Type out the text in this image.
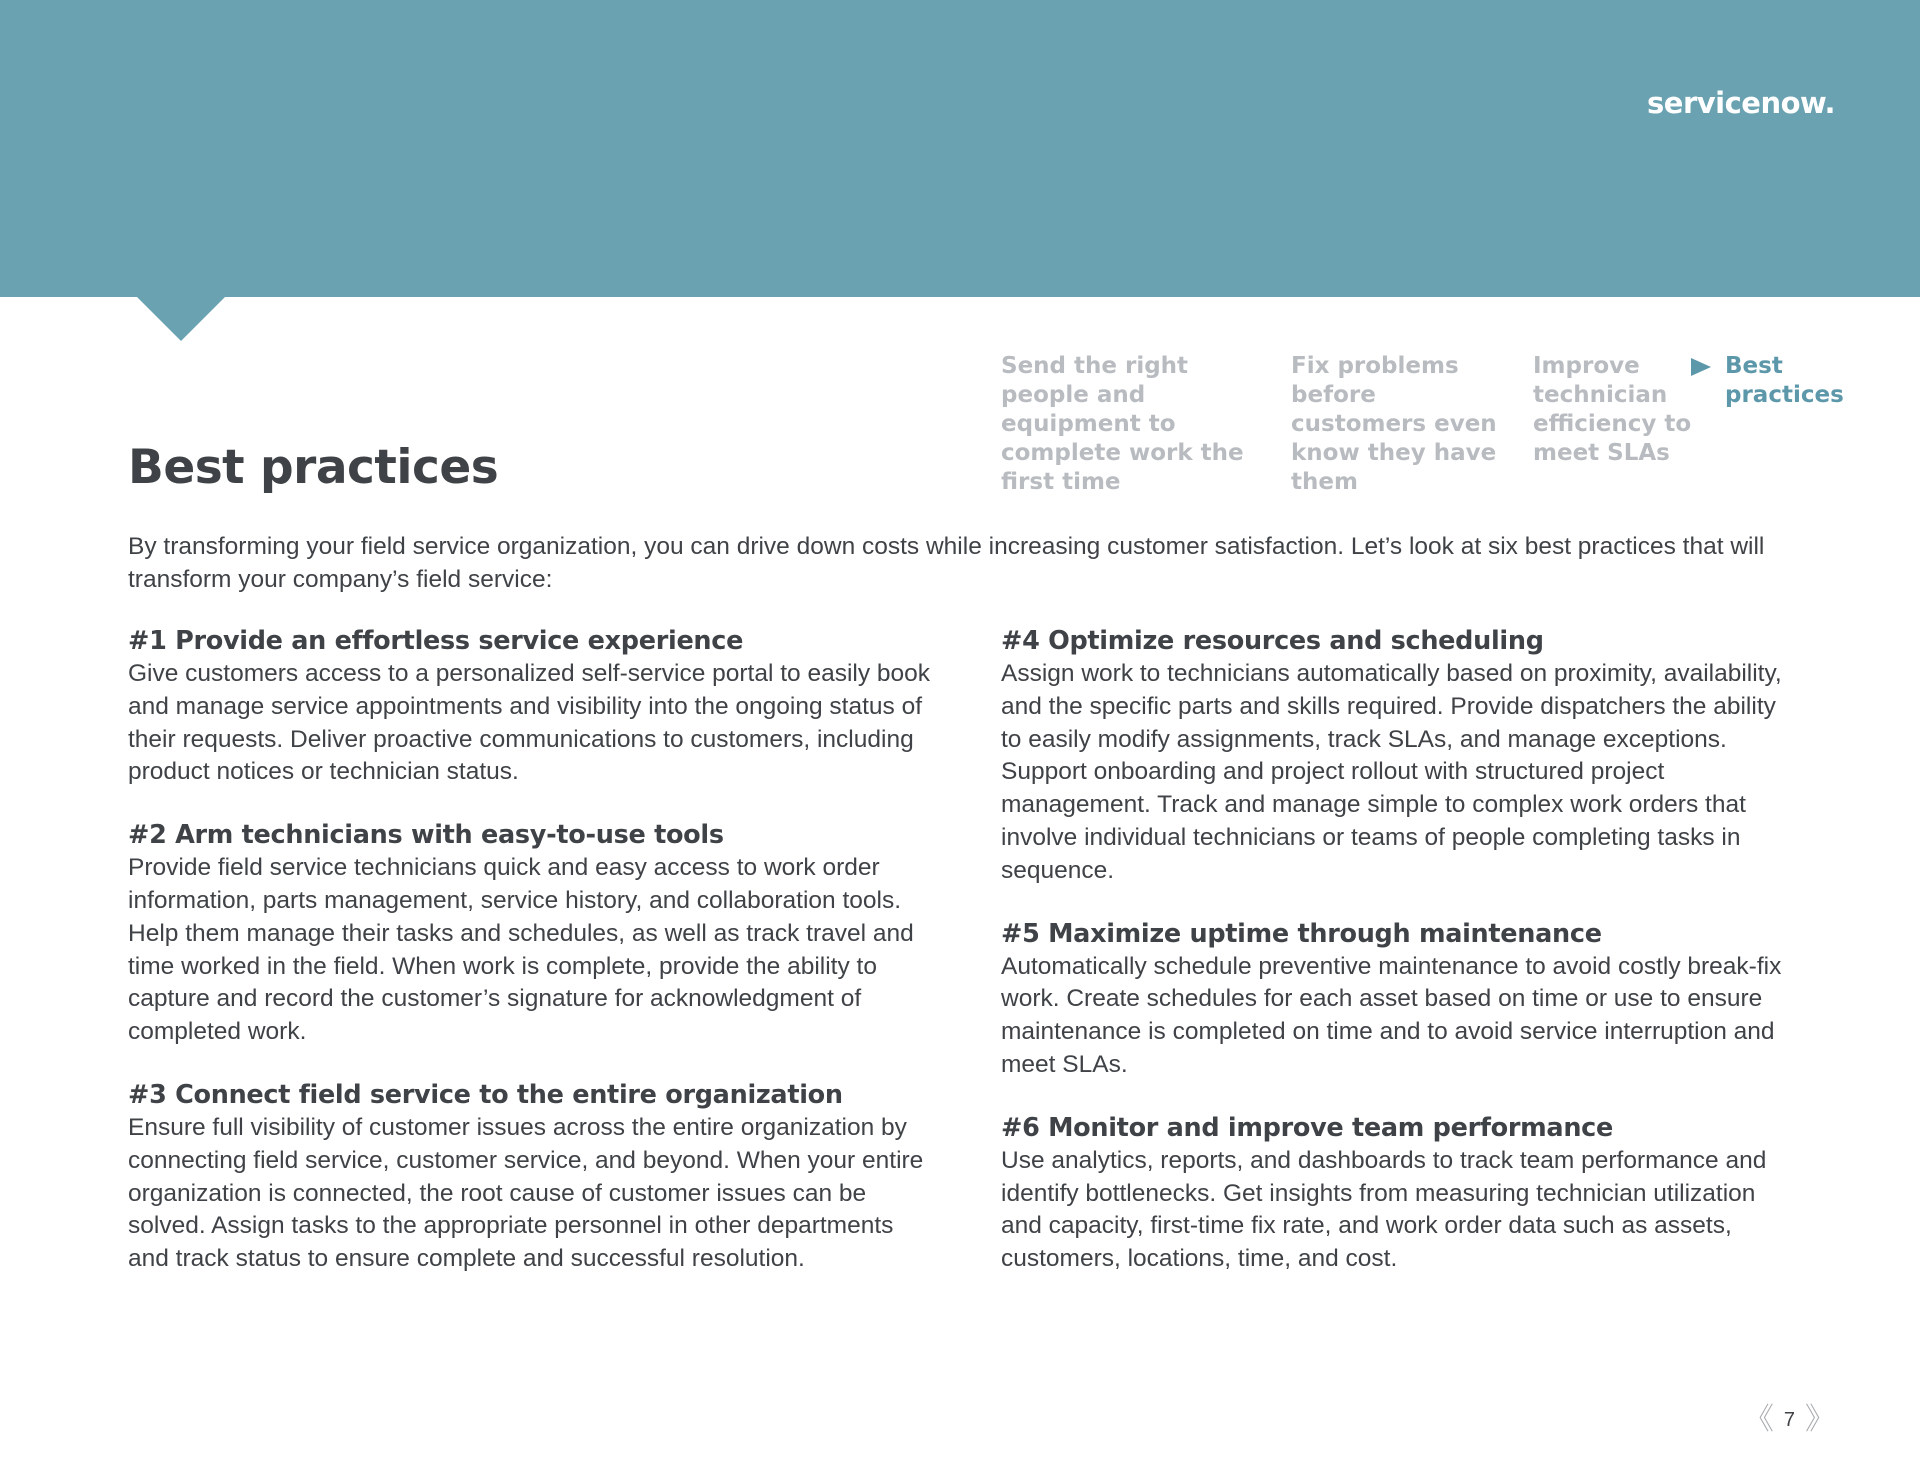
servicenow.
Send the right people and equipment to complete work the first time
Fix problems before customers even know they have them
Improve technician efficiency to meet SLAs
Best practices
Best practices

By transforming your field service organization, you can drive down costs while increasing customer satisfaction. Let’s look at six best practices that will transform your company’s field service:

#1 Provide an effortless service experience

Give customers access to a personalized self-service portal to easily book and manage service appointments and visibility into the ongoing status of their requests. Deliver proactive communications to customers, including product notices or technician status.

#2 Arm technicians with easy-to-use tools

Provide field service technicians quick and easy access to work order information, parts management, service history, and collaboration tools. Help them manage their tasks and schedules, as well as track travel and time worked in the field. When work is complete, provide the ability to capture and record the customer’s signature for acknowledgment of completed work.

#3 Connect field service to the entire organization

Ensure full visibility of customer issues across the entire organization by connecting field service, customer service, and beyond. When your entire organization is connected, the root cause of customer issues can be solved. Assign tasks to the appropriate personnel in other departments and track status to ensure complete and successful resolution.

#4 Optimize resources and scheduling

Assign work to technicians automatically based on proximity, availability, and the specific parts and skills required. Provide dispatchers the ability to easily modify assignments, track SLAs, and manage exceptions. Support onboarding and project rollout with structured project management. Track and manage simple to complex work orders that involve individual technicians or teams of people completing tasks in sequence.

#5 Maximize uptime through maintenance

Automatically schedule preventive maintenance to avoid costly break-fix work. Create schedules for each asset based on time or use to ensure maintenance is completed on time and to avoid service interruption and meet SLAs.

#6 Monitor and improve team performance

Use analytics, reports, and dashboards to track team performance and identify bottlenecks. Get insights from measuring technician utilization and capacity, first-time fix rate, and work order data such as assets, customers, locations, time, and cost.

《 7 》
